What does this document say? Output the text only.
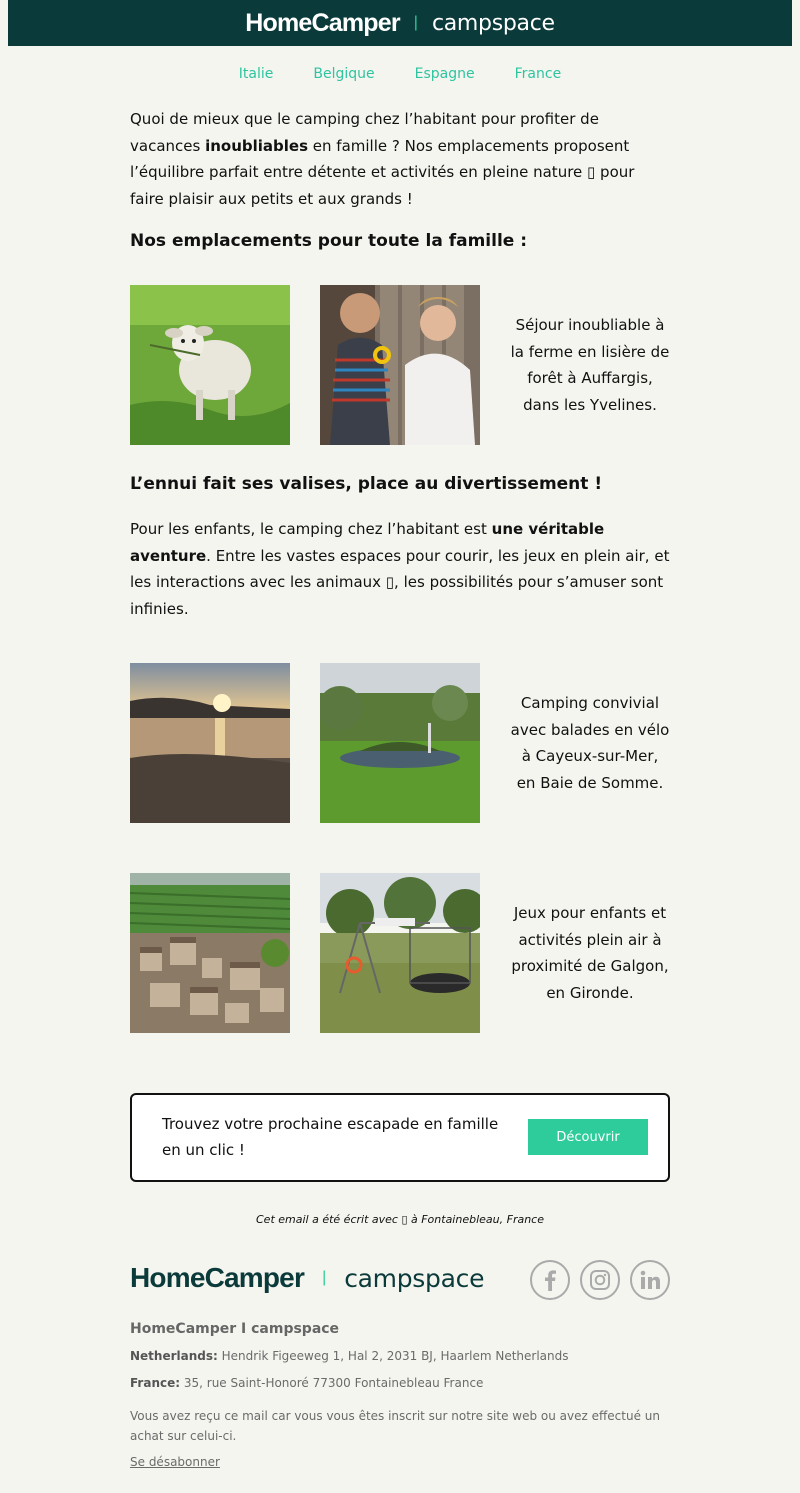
HomeCamper | campspace
Italie	Belgique	Espagne	France

Quoi de mieux que le camping chez l’habitant pour profiter de vacances inoubliables en famille ? Nos emplacements proposent l’équilibre parfait entre détente et activités en pleine nature ▯ pour faire plaisir aux petits et aux grands !

Nos emplacements pour toute la famille :
Séjour inoubliable à la ferme en lisière de forêt à Auffargis, dans les Yvelines.
L’ennui fait ses valises, place au divertissement !

Pour les enfants, le camping chez l’habitant est une véritable aventure. Entre les vastes espaces pour courir, les jeux en plein air, et les interactions avec les animaux ▯, les possibilités pour s’amuser sont infinies.

Camping convivial avec balades en vélo à Cayeux-sur-Mer, en Baie de Somme.
Jeux pour enfants et activités plein air à proximité de Galgon, en Gironde.
Trouvez votre prochaine escapade en famille en un clic !
Découvrir
Cet email a été écrit avec ▯ à Fontainebleau, France
HomeCamper | campspace
HomeCamper I campspace
Netherlands: Hendrik Figeeweg 1, Hal 2, 2031 BJ, Haarlem Netherlands
France: 35, rue Saint-Honoré 77300 Fontainebleau France
Vous avez reçu ce mail car vous vous êtes inscrit sur notre site web ou avez effectué un achat sur celui-ci.
Se désabonner
